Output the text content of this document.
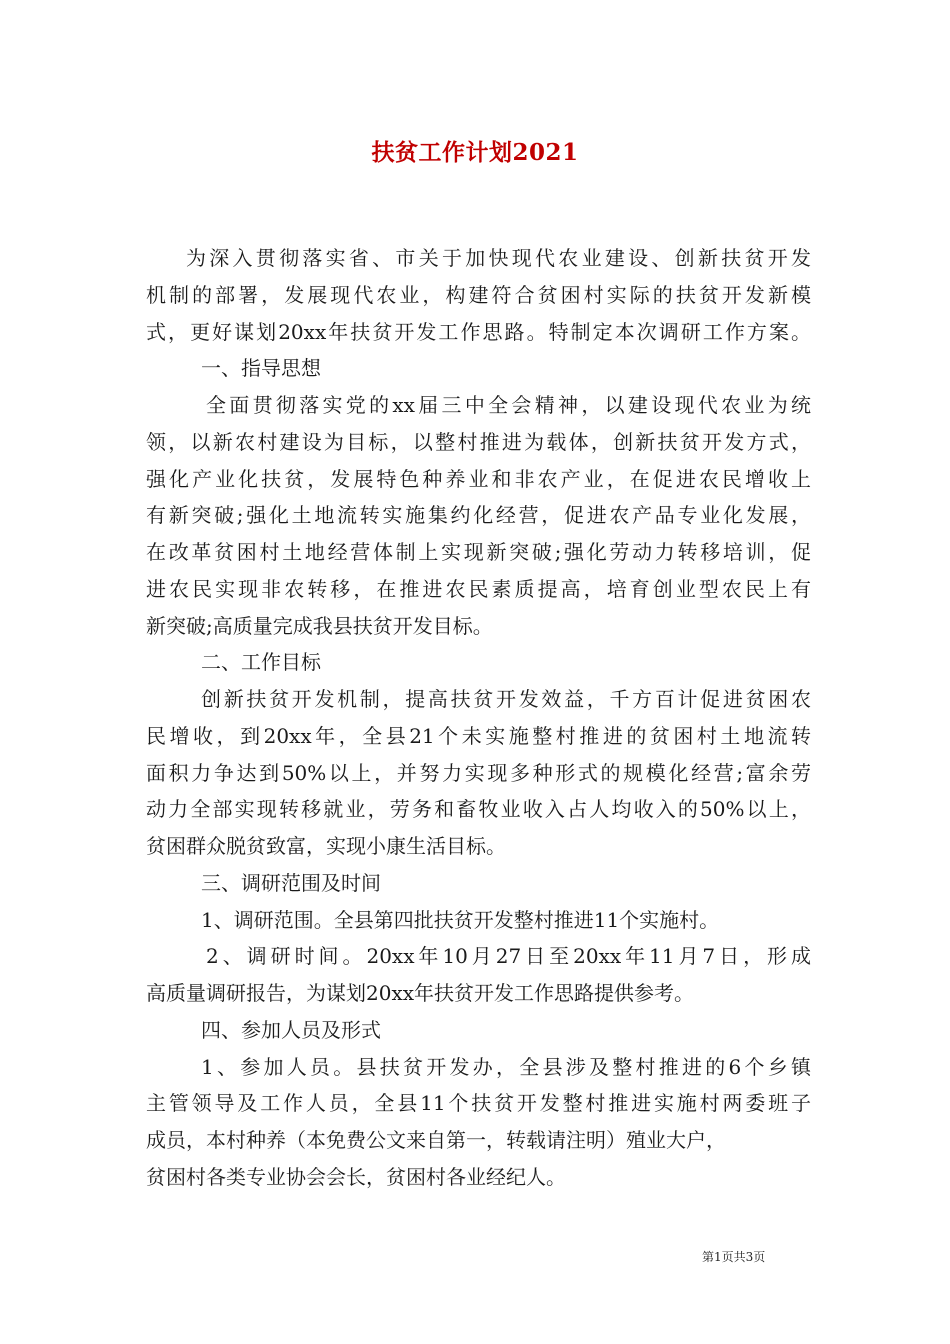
扶贫工作计划2021
为深入贯彻落实省、市关于加快现代农业建设、创新扶贫开发
机制的部署，发展现代农业，构建符合贫困村实际的扶贫开发新模
式，更好谋划20xx年扶贫开发工作思路。特制定本次调研工作方案。
一、指导思想
全面贯彻落实党的xx届三中全会精神，以建设现代农业为统
领，以新农村建设为目标，以整村推进为载体，创新扶贫开发方式，
强化产业化扶贫，发展特色种养业和非农产业，在促进农民增收上
有新突破;强化土地流转实施集约化经营，促进农产品专业化发展，
在改革贫困村土地经营体制上实现新突破;强化劳动力转移培训，促
进农民实现非农转移，在推进农民素质提高，培育创业型农民上有
新突破;高质量完成我县扶贫开发目标。
二、工作目标
创新扶贫开发机制，提高扶贫开发效益，千方百计促进贫困农
民增收，到20xx年，全县21个未实施整村推进的贫困村土地流转
面积力争达到50%以上，并努力实现多种形式的规模化经营;富余劳
动力全部实现转移就业，劳务和畜牧业收入占人均收入的50%以上，
贫困群众脱贫致富，实现小康生活目标。
三、调研范围及时间
1、调研范围。全县第四批扶贫开发整村推进11个实施村。
2、调研时间。20xx年10月27日至20xx年11月7日，形成
高质量调研报告，为谋划20xx年扶贫开发工作思路提供参考。
四、参加人员及形式
1、参加人员。县扶贫开发办，全县涉及整村推进的6个乡镇
主管领导及工作人员，全县11个扶贫开发整村推进实施村两委班子
成员，本村种养（本免费公文来自第一，转载请注明）殖业大户，
贫困村各类专业协会会长，贫困村各业经纪人。
第1页共3页
